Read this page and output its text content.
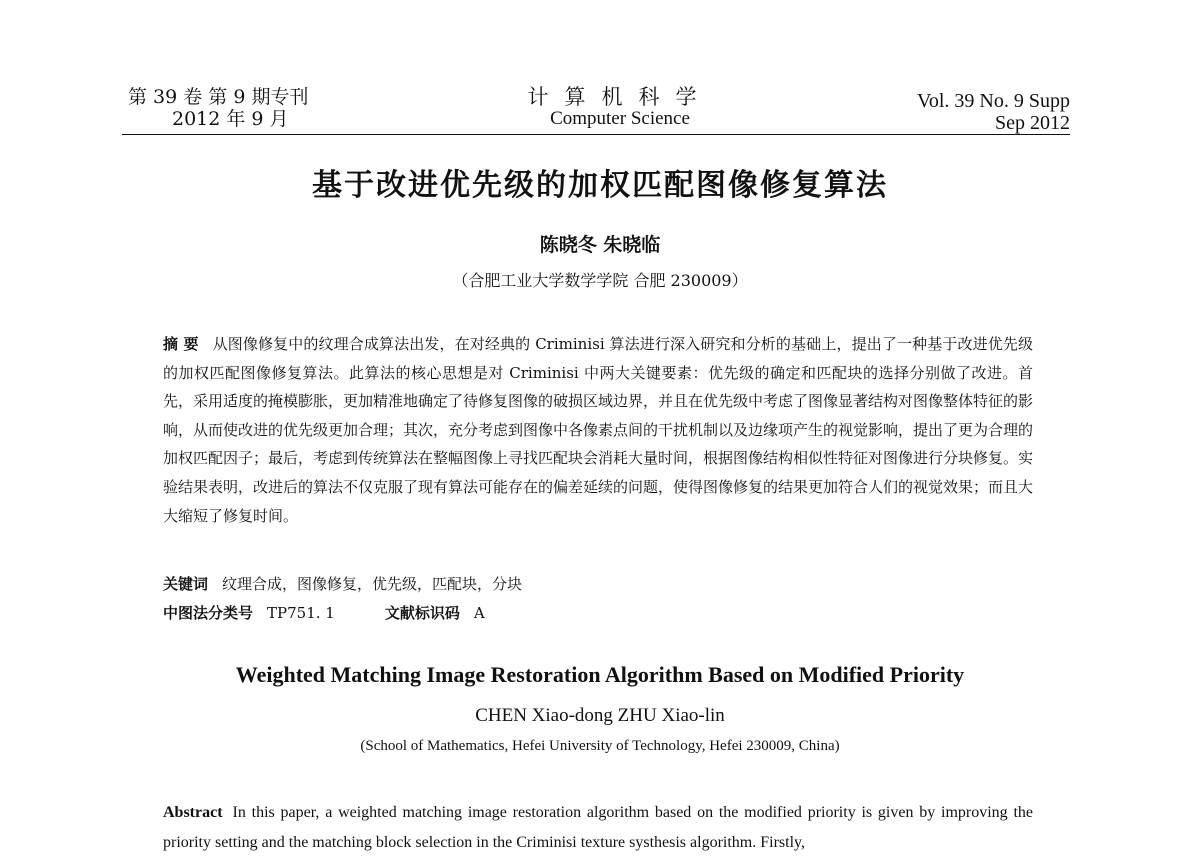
第 39 卷 第 9 期专刊
2012 年 9 月
计算机科学
Computer Science
Vol. 39 No. 9 Supp
Sep 2012
基于改进优先级的加权匹配图像修复算法
陈晓冬 朱晓临
（合肥工业大学数学学院 合肥 230009）
摘 要 从图像修复中的纹理合成算法出发，在对经典的 Criminisi 算法进行深入研究和分析的基础上，提出了一种基于改进优先级的加权匹配图像修复算法。此算法的核心思想是对 Criminisi 中两大关键要素：优先级的确定和匹配块的选择分别做了改进。首先，采用适度的掩模膨胀，更加精准地确定了待修复图像的破损区域边界，并且在优先级中考虑了图像显著结构对图像整体特征的影响，从而使改进的优先级更加合理；其次，充分考虑到图像中各像素点间的干扰机制以及边缘项产生的视觉影响，提出了更为合理的加权匹配因子；最后，考虑到传统算法在整幅图像上寻找匹配块会消耗大量时间，根据图像结构相似性特征对图像进行分块修复。实验结果表明，改进后的算法不仅克服了现有算法可能存在的偏差延续的问题，使得图像修复的结果更加符合人们的视觉效果；而且大大缩短了修复时间。
关键词 纹理合成，图像修复，优先级，匹配块，分块
中图法分类号 TP751. 1	文献标识码 A
Weighted Matching Image Restoration Algorithm Based on Modified Priority
CHEN Xiao-dong ZHU Xiao-lin
(School of Mathematics, Hefei University of Technology, Hefei 230009, China)
Abstract In this paper, a weighted matching image restoration algorithm based on the modified priority is given by improving the priority setting and the matching block selection in the Criminisi texture systhesis algorithm. Firstly,
